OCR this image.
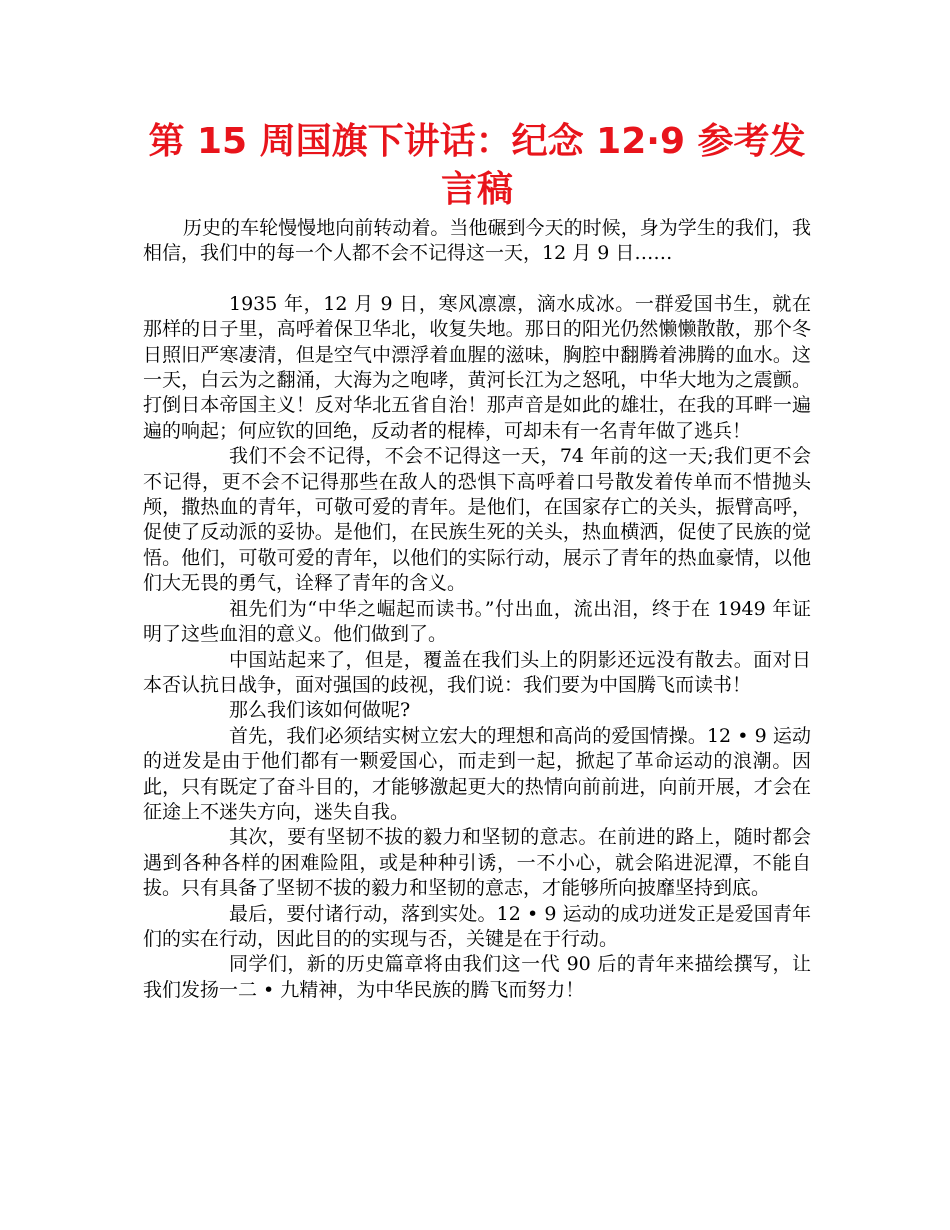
第 15 周国旗下讲话：纪念 12·9 参考发言稿

历史的车轮慢慢地向前转动着。当他碾到今天的时候，身为学生的我们，我相信，我们中的每一个人都不会不记得这一天，12 月 9 日……

1935 年，12 月 9 日，寒风凛凛，滴水成冰。一群爱国书生，就在那样的日子里，高呼着保卫华北，收复失地。那日的阳光仍然懒懒散散，那个冬日照旧严寒凄清，但是空气中漂浮着血腥的滋味，胸腔中翻腾着沸腾的血水。这一天，白云为之翻涌，大海为之咆哮，黄河长江为之怒吼，中华大地为之震颤。打倒日本帝国主义！反对华北五省自治！那声音是如此的雄壮，在我的耳畔一遍遍的响起；何应钦的回绝，反动者的棍棒，可却未有一名青年做了逃兵！

我们不会不记得，不会不记得这一天，74 年前的这一天;我们更不会不记得，更不会不记得那些在敌人的恐惧下高呼着口号散发着传单而不惜抛头颅，撒热血的青年，可敬可爱的青年。是他们，在国家存亡的关头，振臂高呼，促使了反动派的妥协。是他们，在民族生死的关头，热血横洒，促使了民族的觉悟。他们，可敬可爱的青年，以他们的实际行动，展示了青年的热血豪情，以他们大无畏的勇气，诠释了青年的含义。

祖先们为“中华之崛起而读书。”付出血，流出泪，终于在 1949 年证明了这些血泪的意义。他们做到了。

中国站起来了，但是，覆盖在我们头上的阴影还远没有散去。面对日本否认抗日战争，面对强国的歧视，我们说：我们要为中国腾飞而读书！

那么我们该如何做呢?

首先，我们必须结实树立宏大的理想和高尚的爱国情操。12 • 9 运动的迸发是由于他们都有一颗爱国心，而走到一起，掀起了革命运动的浪潮。因此，只有既定了奋斗目的，才能够激起更大的热情向前前进，向前开展，才会在征途上不迷失方向，迷失自我。

其次，要有坚韧不拔的毅力和坚韧的意志。在前进的路上，随时都会遇到各种各样的困难险阻，或是种种引诱，一不小心，就会陷进泥潭，不能自拔。只有具备了坚韧不拔的毅力和坚韧的意志，才能够所向披靡坚持到底。

最后，要付诸行动，落到实处。12 • 9 运动的成功迸发正是爱国青年们的实在行动，因此目的的实现与否，关键是在于行动。

同学们，新的历史篇章将由我们这一代 90 后的青年来描绘撰写，让我们发扬一二 • 九精神，为中华民族的腾飞而努力！
